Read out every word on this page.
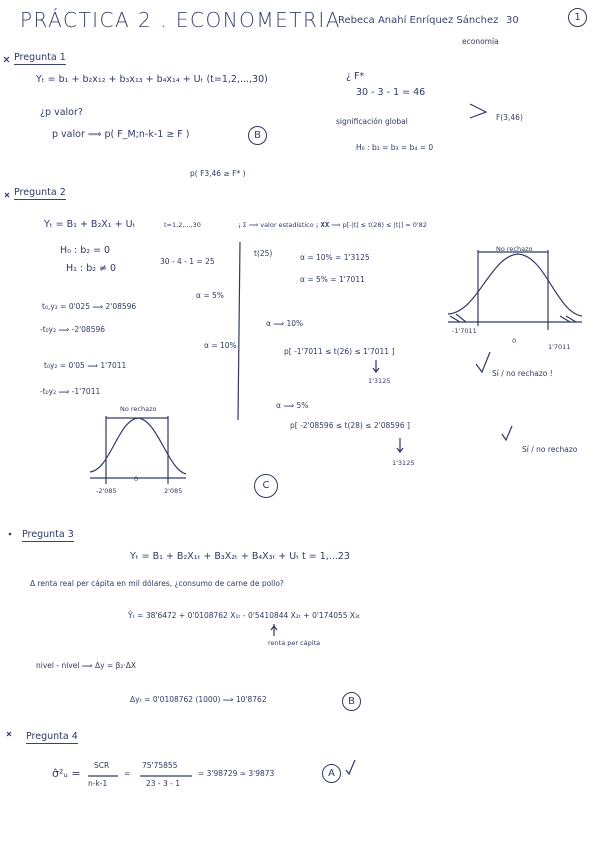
PRÁCTICA 2 . ECONOMETRIA
Rebeca Anahí Enríquez Sánchez 30	1
economía
Pregunta 1
Yₜ = b₁ + b₂x₁₂ + b₃x₁₃ + b₄x₁₄ + Uₜ (t=1,2,...,30)	¿ F*
30 - 3 - 1 = 46
¿p valor?
p valor ⟹ p( F_M;n-k-1 ≥ F )	B
significación global	F(3,46)
H₀ : b₂ = b₃ = b₄ = 0
p( F3,46 ≥ F* )
Pregunta 2
Yₜ = B₁ + B₂X₁ + Uₜ	t=1,2,...,30	¡ Σ ⟹ valor estadístico ¡ 𝐗𝐗 ⟹ p[-|t| ≤ t(28) ≤ |t|] = 0'82
H₀ : b₂ = 0
H₁ : b₂ ≠ 0
30 - 4 - 1 = 25
t(25)	α = 10% = 1'3125
α = 5% = 1'7011
t₀,y₂ = 0'025 ⟹ 2'08596
-t₀y₂ ⟹ -2'08596
α = 5%
α = 10%
t₀y₂ = 0'05 ⟹ 1'7011
-t₀y₂ ⟹ -1'7011
α ⟹ 10%
p[ -1'7011 ≤ t(26) ≤ 1'7011 ]
1'3125
Sí / no rechazo !
α ⟹ 5%
p[ -2'08596 ≤ t(28) ≤ 2'08596 ]
1'3125
Sí / no rechazo
C
No rechazo
-1'7011
0
1'7011
No rechazo
-2'085
0
2'085
Pregunta 3
Yₜ = B₁ + B₂X₁ₜ + B₃X₂ₜ + B₄X₃ₜ + Uₜ t = 1,...23
Δ renta real per cápita en mil dólares, ¿consumo de carne de pollo?
Ŷₜ = 38'6472 + 0'0108762 X₁ₜ - 0'5410844 X₂ₜ + 0'174055 X₃ₜ
renta per cápita
nivel - nivel ⟹ Δy = β₂·ΔX
Δyₜ = 0'0108762 (1000) ⟹ 10'8762	B
Pregunta 4
σ̂²ᵤ =
SCR
n-k-1
=
75'75855
23 - 3 - 1
= 3'98729 ≃ 3'9873	A
